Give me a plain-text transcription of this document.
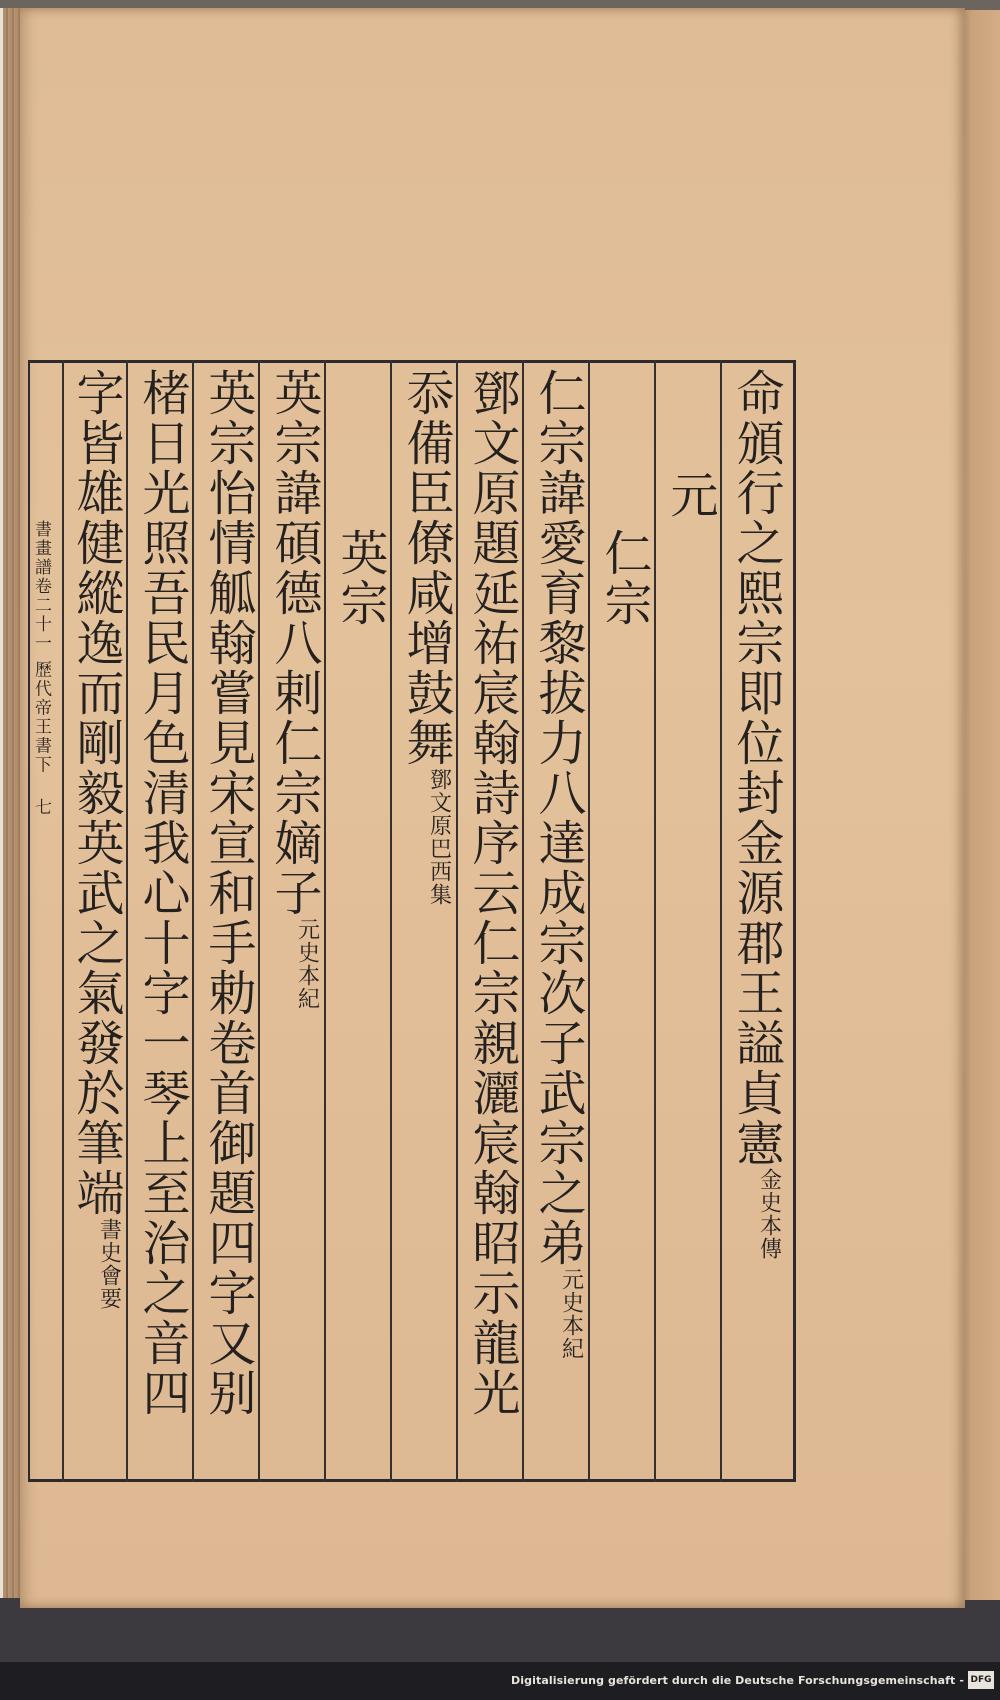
書畫譜卷二十一 歷代帝王書下 七	命頒行之熙宗即位封金源郡王謚貞憲金史本傳
元
仁宗
仁宗諱愛育黎拔力八達成宗次子武宗之弟元史本紀
鄧文原題延祐宸翰詩序云仁宗親灑宸翰眧示龍光
忝備臣僚咸增鼓舞鄧文原巴西集
英宗
英宗諱碩德八剌仁宗嫡子元史本紀
英宗怡情觚翰嘗見宋宣和手勅卷首御題四字又别
楮日光照吾民月色清我心十字一琴上至治之音四
字皆雄健縱逸而剛毅英武之氣發於筆端書史會要
Digitalisierung gefördert durch die Deutsche Forschungsgemeinschaft - DFG
